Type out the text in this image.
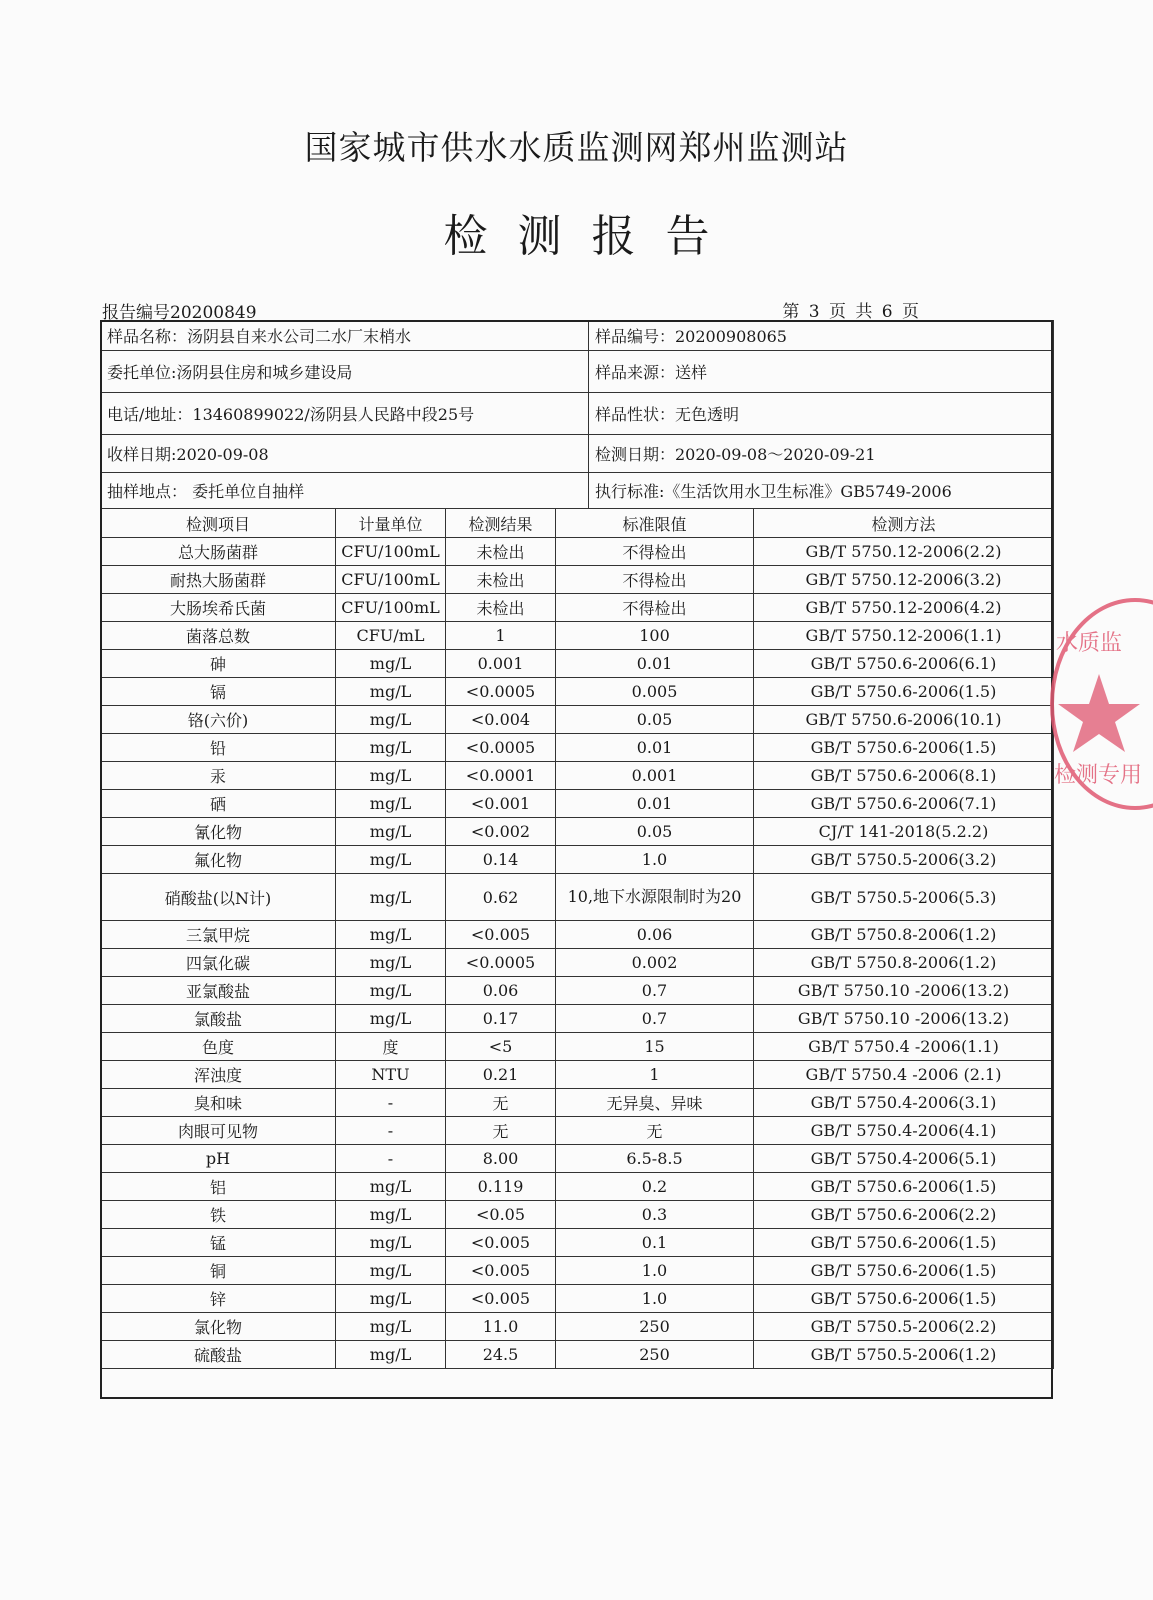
国家城市供水水质监测网郑州监测站
检测报告
报告编号20200849	第 3 页 共 6 页
样品名称：汤阴县自来水公司二水厂末梢水	样品编号：20200908065
委托单位:汤阴县住房和城乡建设局	样品来源：送样
电话/地址：13460899022/汤阴县人民路中段25号	样品性状：无色透明
收样日期:2020-09-08	检测日期：2020-09-08～2020-09-21
抽样地点： 委托单位自抽样	执行标准:《生活饮用水卫生标准》GB5749-2006
检测项目	计量单位	检测结果	标准限值	检测方法
总大肠菌群	CFU/100mL	未检出	不得检出	GB/T 5750.12-2006(2.2)
耐热大肠菌群	CFU/100mL	未检出	不得检出	GB/T 5750.12-2006(3.2)
大肠埃希氏菌	CFU/100mL	未检出	不得检出	GB/T 5750.12-2006(4.2)
菌落总数	CFU/mL	1	100	GB/T 5750.12-2006(1.1)
砷	mg/L	0.001	0.01	GB/T 5750.6-2006(6.1)
镉	mg/L	<0.0005	0.005	GB/T 5750.6-2006(1.5)
铬(六价)	mg/L	<0.004	0.05	GB/T 5750.6-2006(10.1)
铅	mg/L	<0.0005	0.01	GB/T 5750.6-2006(1.5)
汞	mg/L	<0.0001	0.001	GB/T 5750.6-2006(8.1)
硒	mg/L	<0.001	0.01	GB/T 5750.6-2006(7.1)
氰化物	mg/L	<0.002	0.05	CJ/T 141-2018(5.2.2)
氟化物	mg/L	0.14	1.0	GB/T 5750.5-2006(3.2)
硝酸盐(以N计)	mg/L	0.62	10,地下水源限制时为20	GB/T 5750.5-2006(5.3)
三氯甲烷	mg/L	<0.005	0.06	GB/T 5750.8-2006(1.2)
四氯化碳	mg/L	<0.0005	0.002	GB/T 5750.8-2006(1.2)
亚氯酸盐	mg/L	0.06	0.7	GB/T 5750.10 -2006(13.2)
氯酸盐	mg/L	0.17	0.7	GB/T 5750.10 -2006(13.2)
色度	度	<5	15	GB/T 5750.4 -2006(1.1)
浑浊度	NTU	0.21	1	GB/T 5750.4 -2006 (2.1)
臭和味	-	无	无异臭、异味	GB/T 5750.4-2006(3.1)
肉眼可见物	-	无	无	GB/T 5750.4-2006(4.1)
pH	-	8.00	6.5-8.5	GB/T 5750.4-2006(5.1)
铝	mg/L	0.119	0.2	GB/T 5750.6-2006(1.5)
铁	mg/L	<0.05	0.3	GB/T 5750.6-2006(2.2)
锰	mg/L	<0.005	0.1	GB/T 5750.6-2006(1.5)
铜	mg/L	<0.005	1.0	GB/T 5750.6-2006(1.5)
锌	mg/L	<0.005	1.0	GB/T 5750.6-2006(1.5)
氯化物	mg/L	11.0	250	GB/T 5750.5-2006(2.2)
硫酸盐	mg/L	24.5	250	GB/T 5750.5-2006(1.2)
水质监
检测专用
